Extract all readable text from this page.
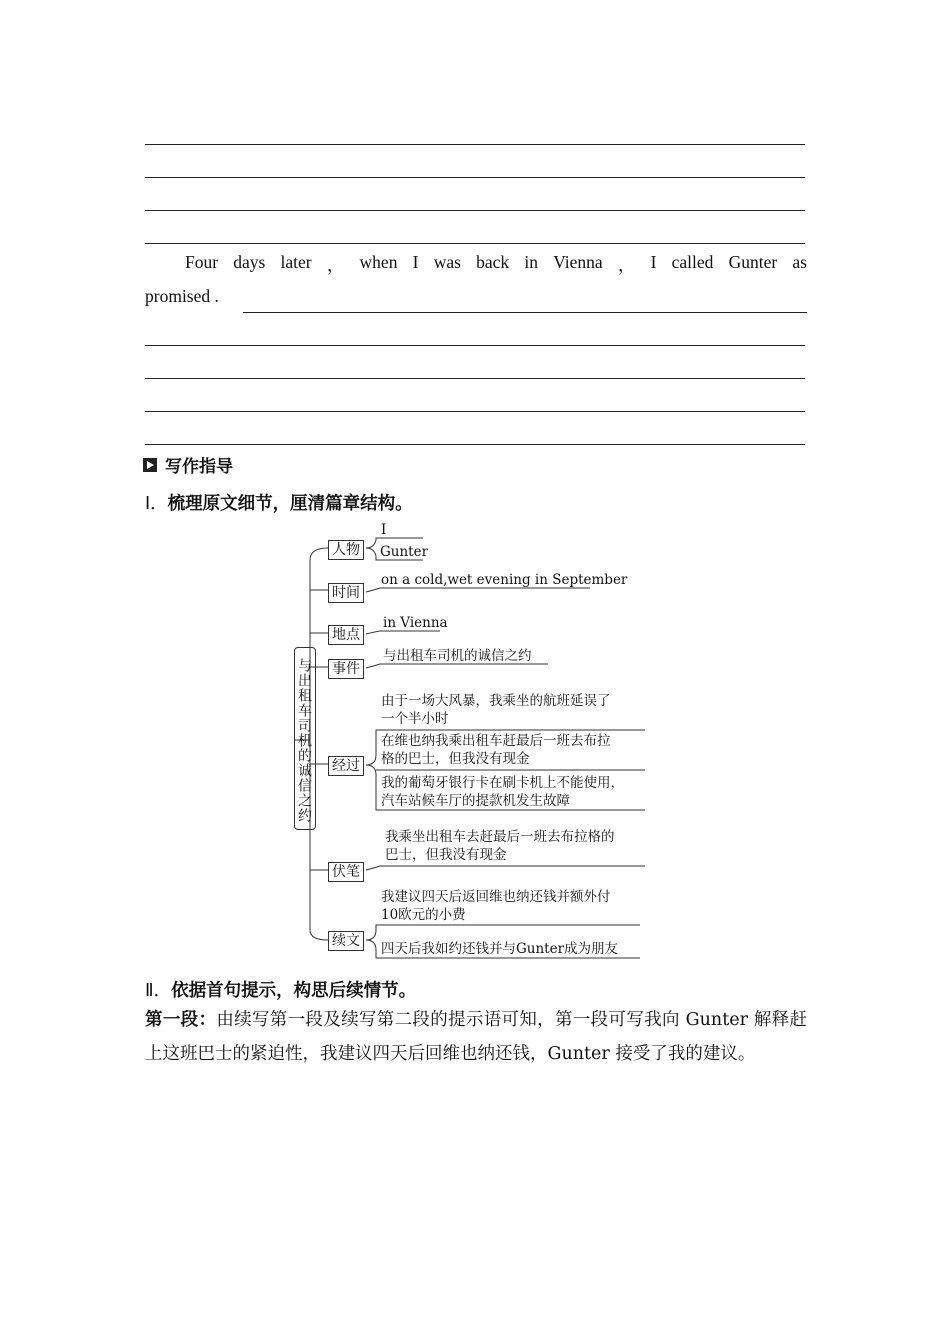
Four days later ， when I was back in Vienna ， I called Gunter as
promised .
写作指导
Ⅰ．梳理原文细节，厘清篇章结构。
与出租车司机的诚信之约
人物
时间
地点
事件
经过
伏笔
续文
I
Gunter
on a cold,wet evening in September
in Vienna
与出租车司机的诚信之约
由于一场大风暴，我乘坐的航班延误了
一个半小时
在维也纳我乘出租车赶最后一班去布拉
格的巴士，但我没有现金
我的葡萄牙银行卡在刷卡机上不能使用，
汽车站候车厅的提款机发生故障
我乘坐出租车去赶最后一班去布拉格的
巴士，但我没有现金
我建议四天后返回维也纳还钱并额外付
10欧元的小费
四天后我如约还钱并与Gunter成为朋友
Ⅱ．依据首句提示，构思后续情节。
第一段：由续写第一段及续写第二段的提示语可知，第一段可写我向 Gunter 解释赶上这班巴士的紧迫性，我建议四天后回维也纳还钱，Gunter 接受了我的建议。
